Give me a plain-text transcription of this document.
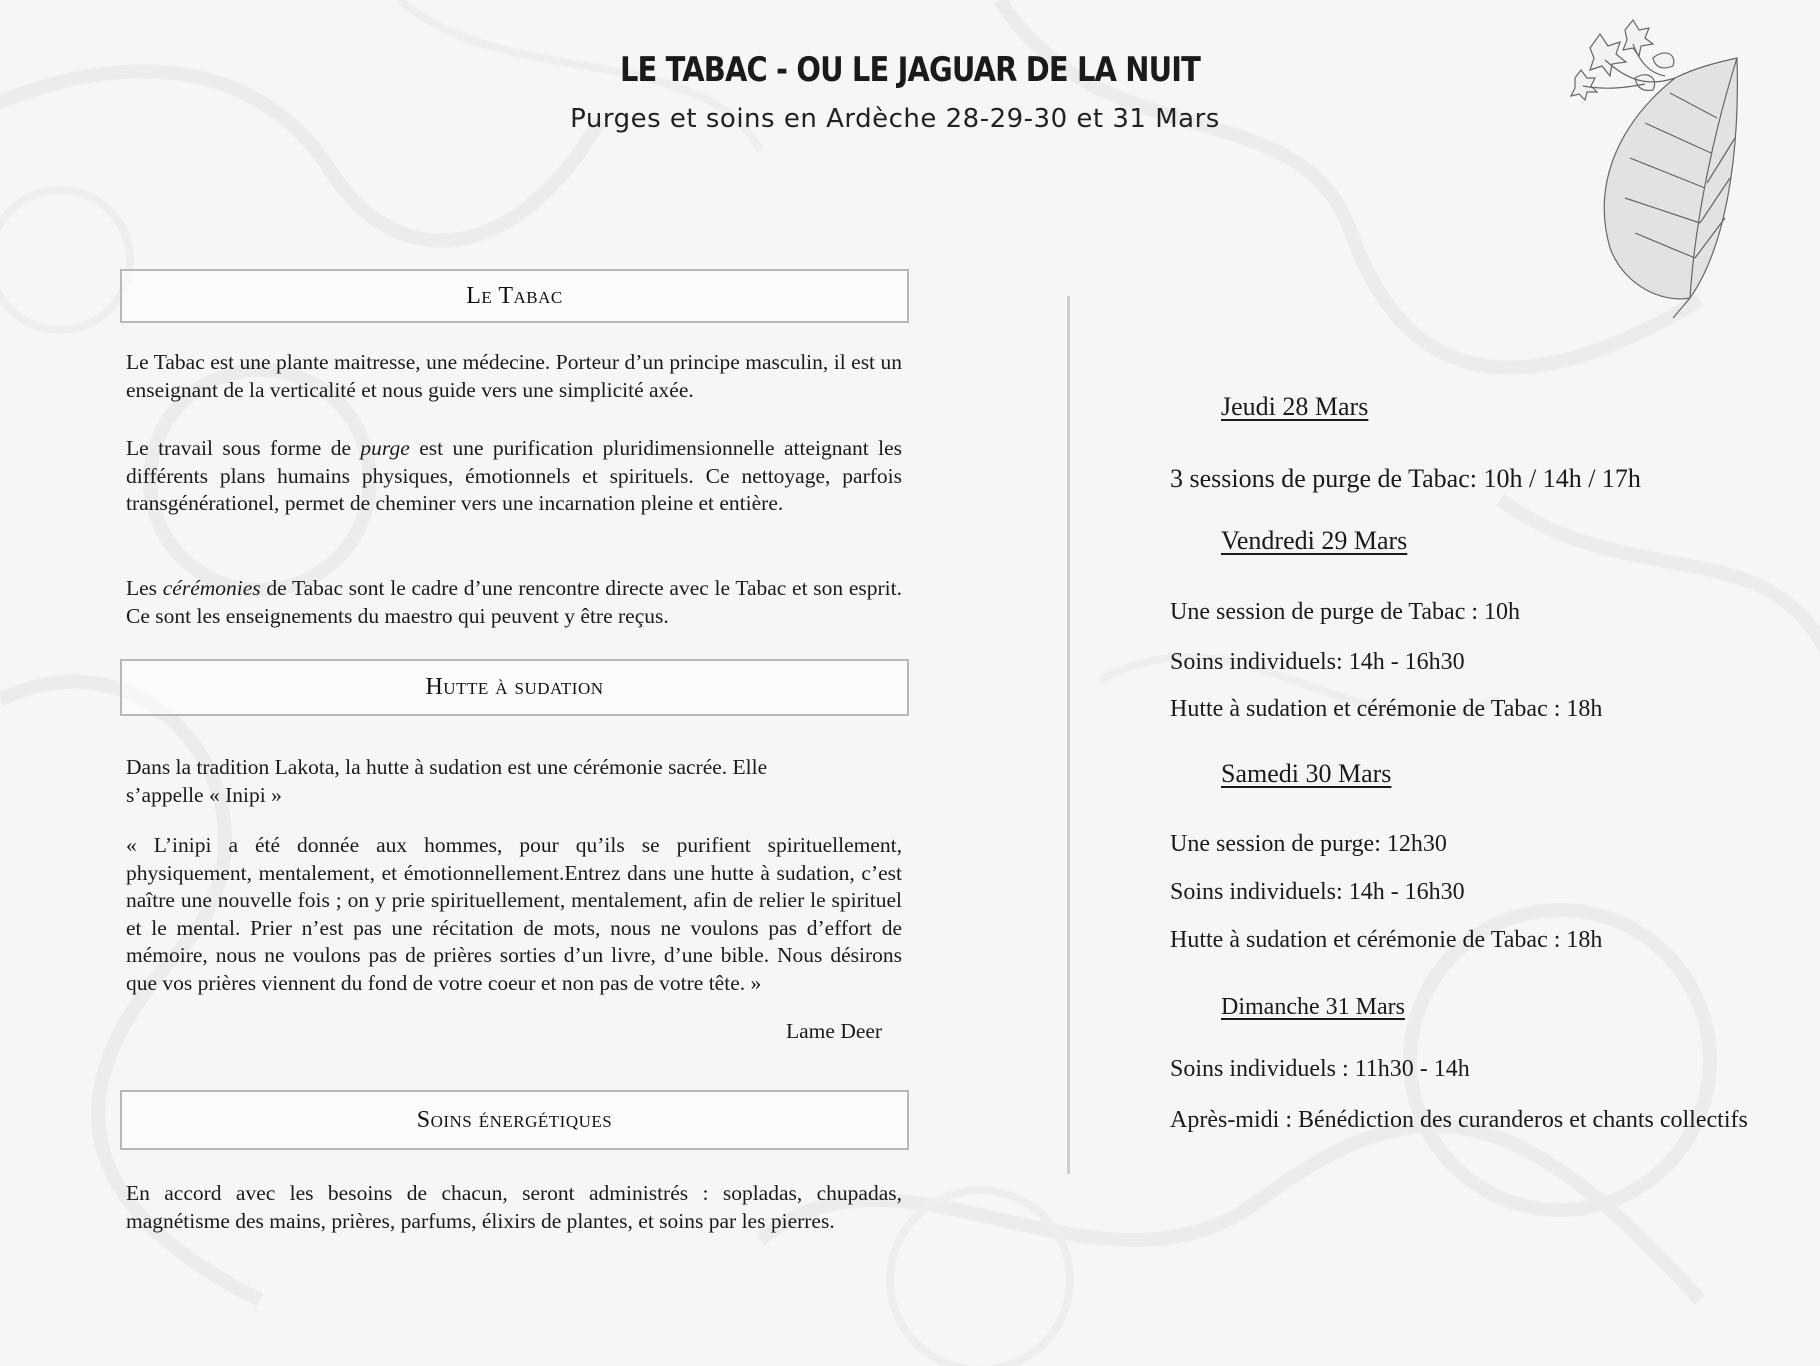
LE TABAC - OU LE JAGUAR DE LA NUIT
Purges et soins en Ardèche 28-29-30 et 31 Mars
Le Tabac

Le Tabac est une plante maitresse, une médecine. Porteur d’un principe masculin, il est un enseignant de la verticalité et nous guide vers une simplicité axée.

Le travail sous forme de purge est une purification pluridimensionnelle atteignant les différents plans humains physiques, émotionnels et spirituels. Ce nettoyage, parfois transgénérationel, permet de cheminer vers une incarnation pleine et entière.

Les cérémonies de Tabac sont le cadre d’une rencontre directe avec le Tabac et son esprit. Ce sont les enseignements du maestro qui peuvent y être reçus.

Hutte à sudation

Dans la tradition Lakota, la hutte à sudation est une cérémonie sacrée. Elle s’appelle « Inipi »

« L’inipi a été donnée aux hommes, pour qu’ils se purifient spirituellement, physiquement, mentalement, et émotionnellement.Entrez dans une hutte à sudation, c’est naître une nouvelle fois ; on y prie spirituellement, mentalement, afin de relier le spirituel et le mental. Prier n’est pas une récitation de mots, nous ne voulons pas d’effort de mémoire, nous ne voulons pas de prières sorties d’un livre, d’une bible. Nous désirons que vos prières viennent du fond de votre coeur et non pas de votre tête. »

Lame Deer
Soins énergétiques

En accord avec les besoins de chacun, seront administrés : sopladas, chupadas, magnétisme des mains, prières, parfums, élixirs de plantes, et soins par les pierres.

Jeudi 28 Mars
3 sessions de purge de Tabac: 10h / 14h / 17h
Vendredi 29 Mars
Une session de purge de Tabac : 10h
Soins individuels: 14h - 16h30
Hutte à sudation et cérémonie de Tabac : 18h
Samedi 30 Mars
Une session de purge: 12h30
Soins individuels: 14h - 16h30
Hutte à sudation et cérémonie de Tabac : 18h
Dimanche 31 Mars
Soins individuels : 11h30 - 14h
Après-midi : Bénédiction des curanderos et chants collectifs
